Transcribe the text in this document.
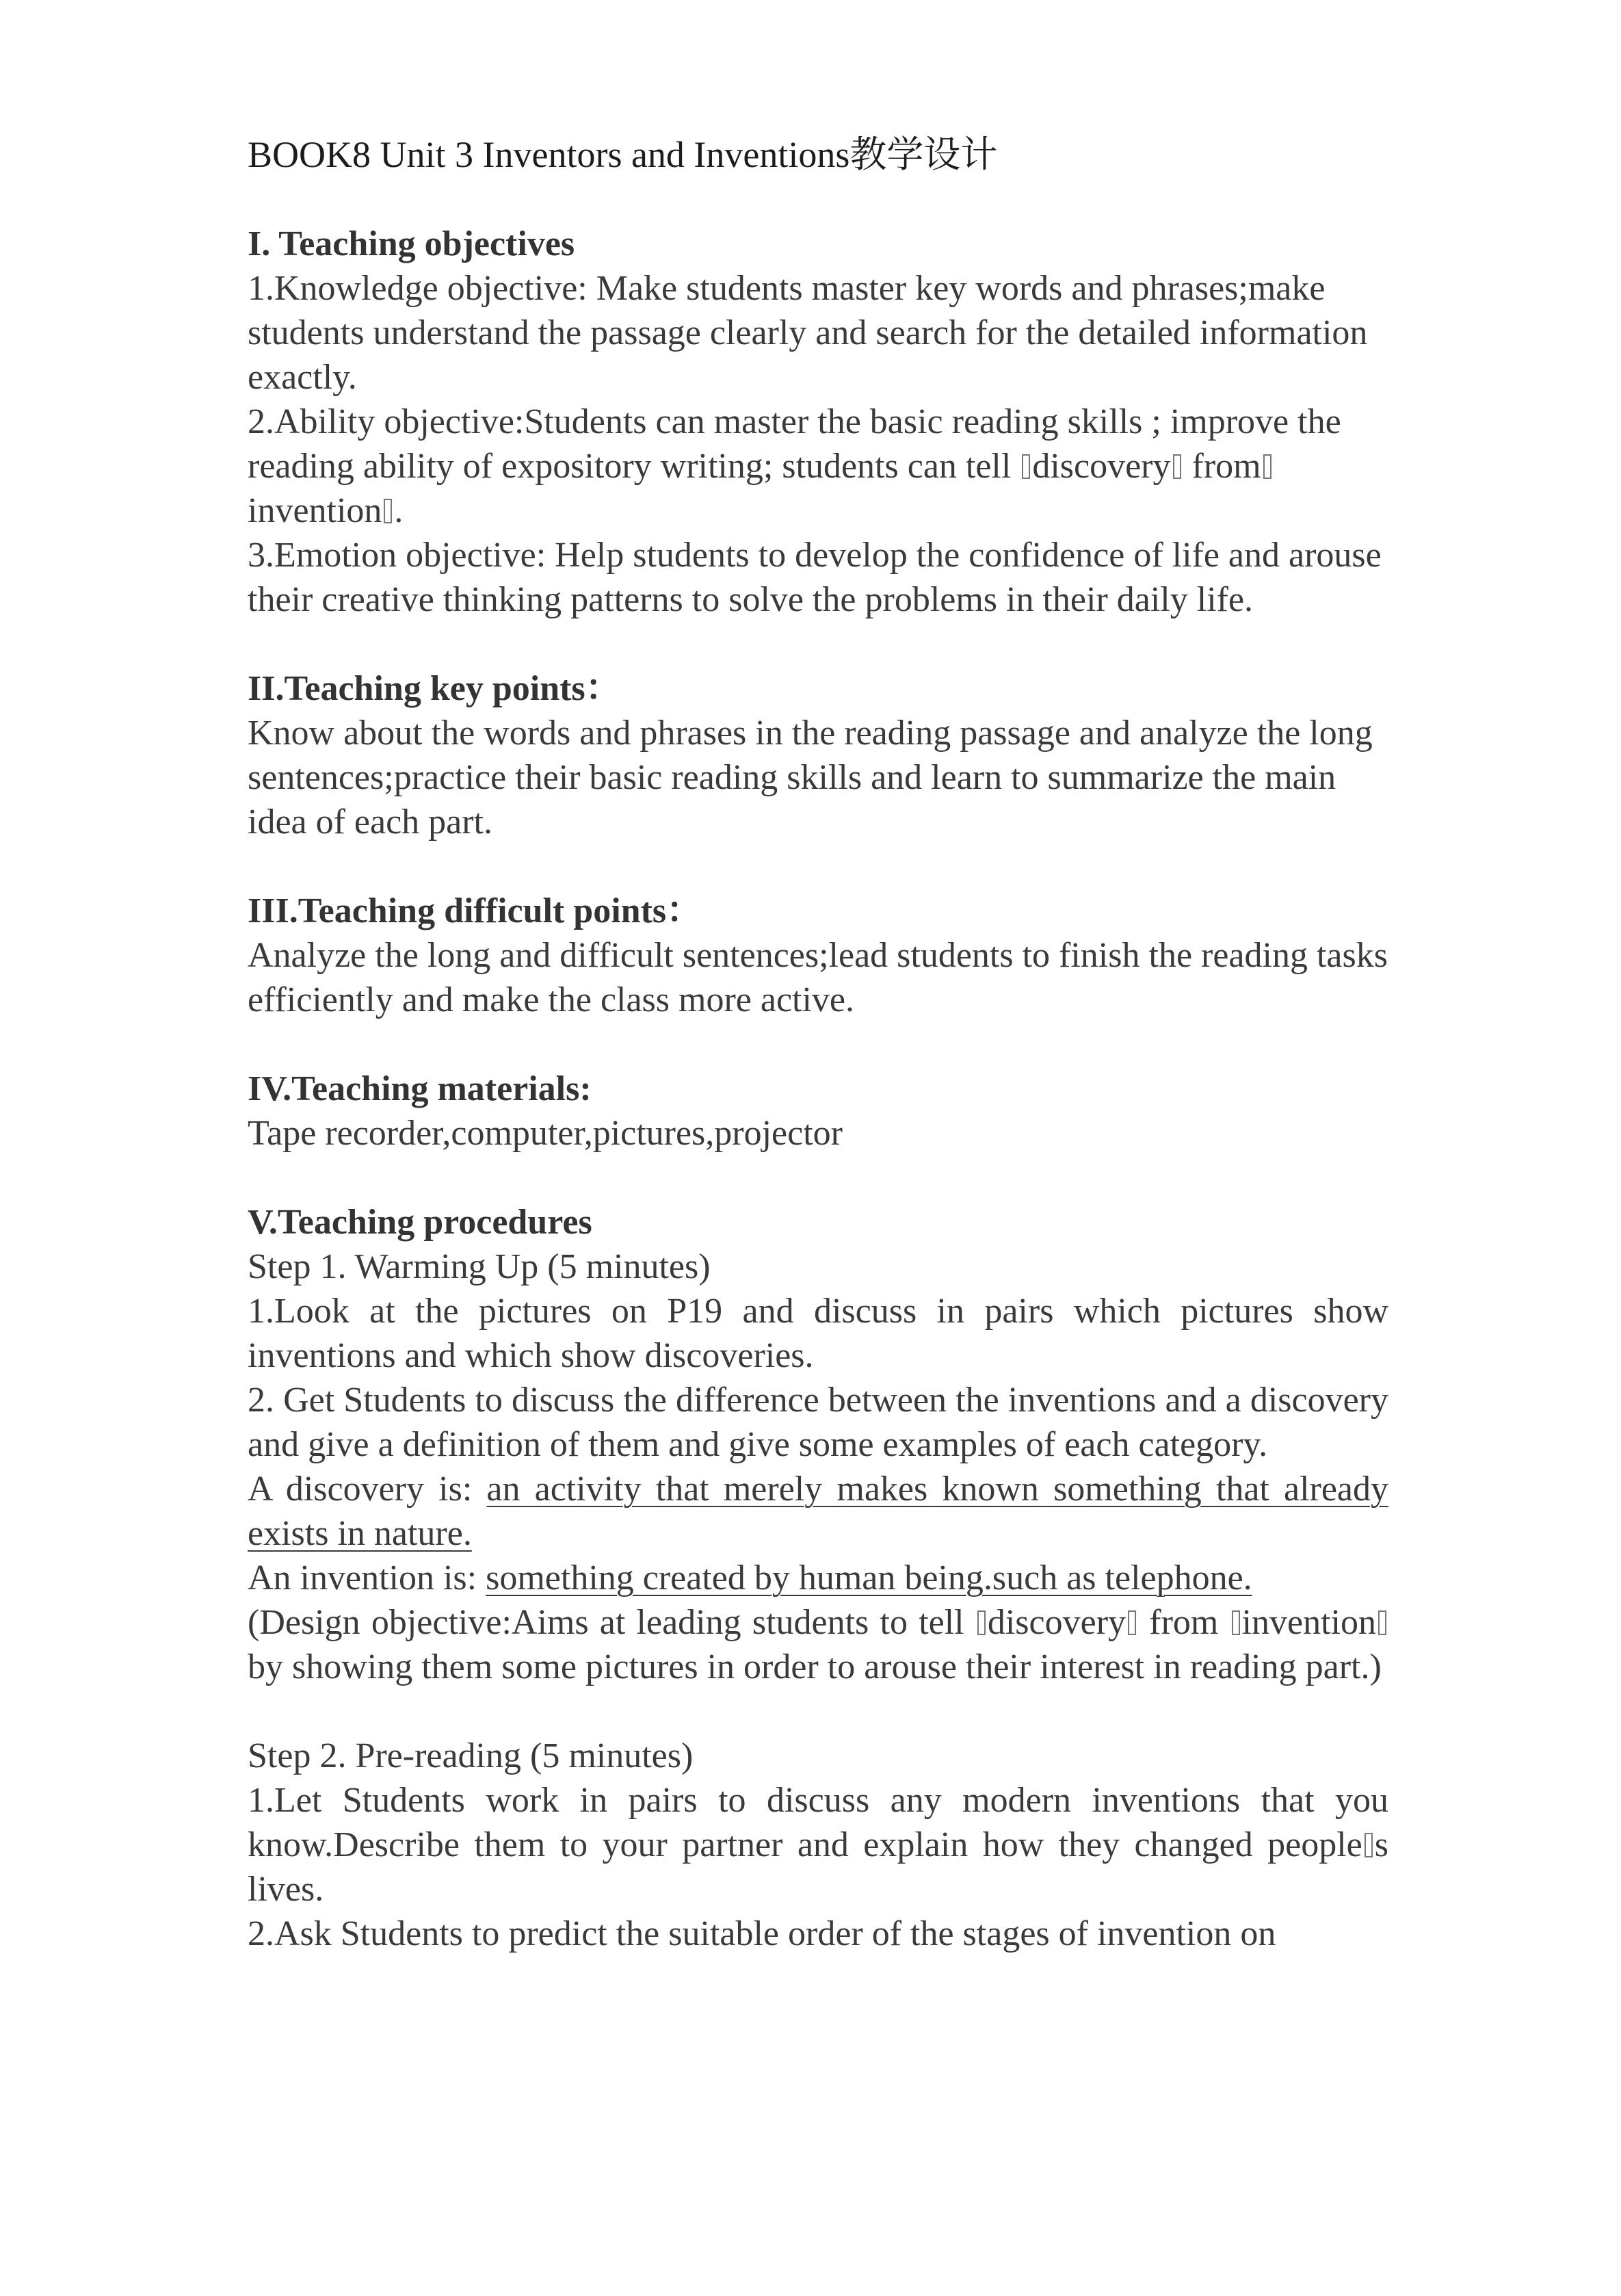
BOOK8 Unit 3 Inventors and Inventions教学设计

I. Teaching objectives

1.Knowledge objective: Make students master key words and phrases;make students understand the passage clearly and search for the detailed information exactly.

2.Ability objective:Students can master the basic reading skills ; improve the reading ability of expository writing; students can tell discovery frominvention .

3.Emotion objective: Help students to develop the confidence of life and arouse their creative thinking patterns to solve the problems in their daily life.

II.Teaching key points：

Know about the words and phrases in the reading passage and analyze the long sentences;practice their basic reading skills and learn to summarize the main idea of each part.

III.Teaching difficult points：

Analyze the long and difficult sentences;lead students to finish the reading tasks efficiently and make the class more active.

IV.Teaching materials:

Tape recorder,computer,pictures,projector

V.Teaching procedures

Step 1. Warming Up (5 minutes)

1.Look at the pictures on P19 and discuss in pairs which pictures show inventions and which show discoveries.

2. Get Students to discuss the difference between the inventions and a discovery and give a definition of them and give some examples of each category.

A discovery is: an activity that merely makes known something that already exists in nature.

An invention is: something created by human being.such as telephone.

(Design objective:Aims at leading students to tell discovery from invention by showing them some pictures in order to arouse their interest in reading part.)

Step 2. Pre-reading (5 minutes)

1.Let Students work in pairs to discuss any modern inventions that you know.Describe them to your partner and explain how they changed people s lives.

2.Ask Students to predict the suitable order of the stages of invention on
